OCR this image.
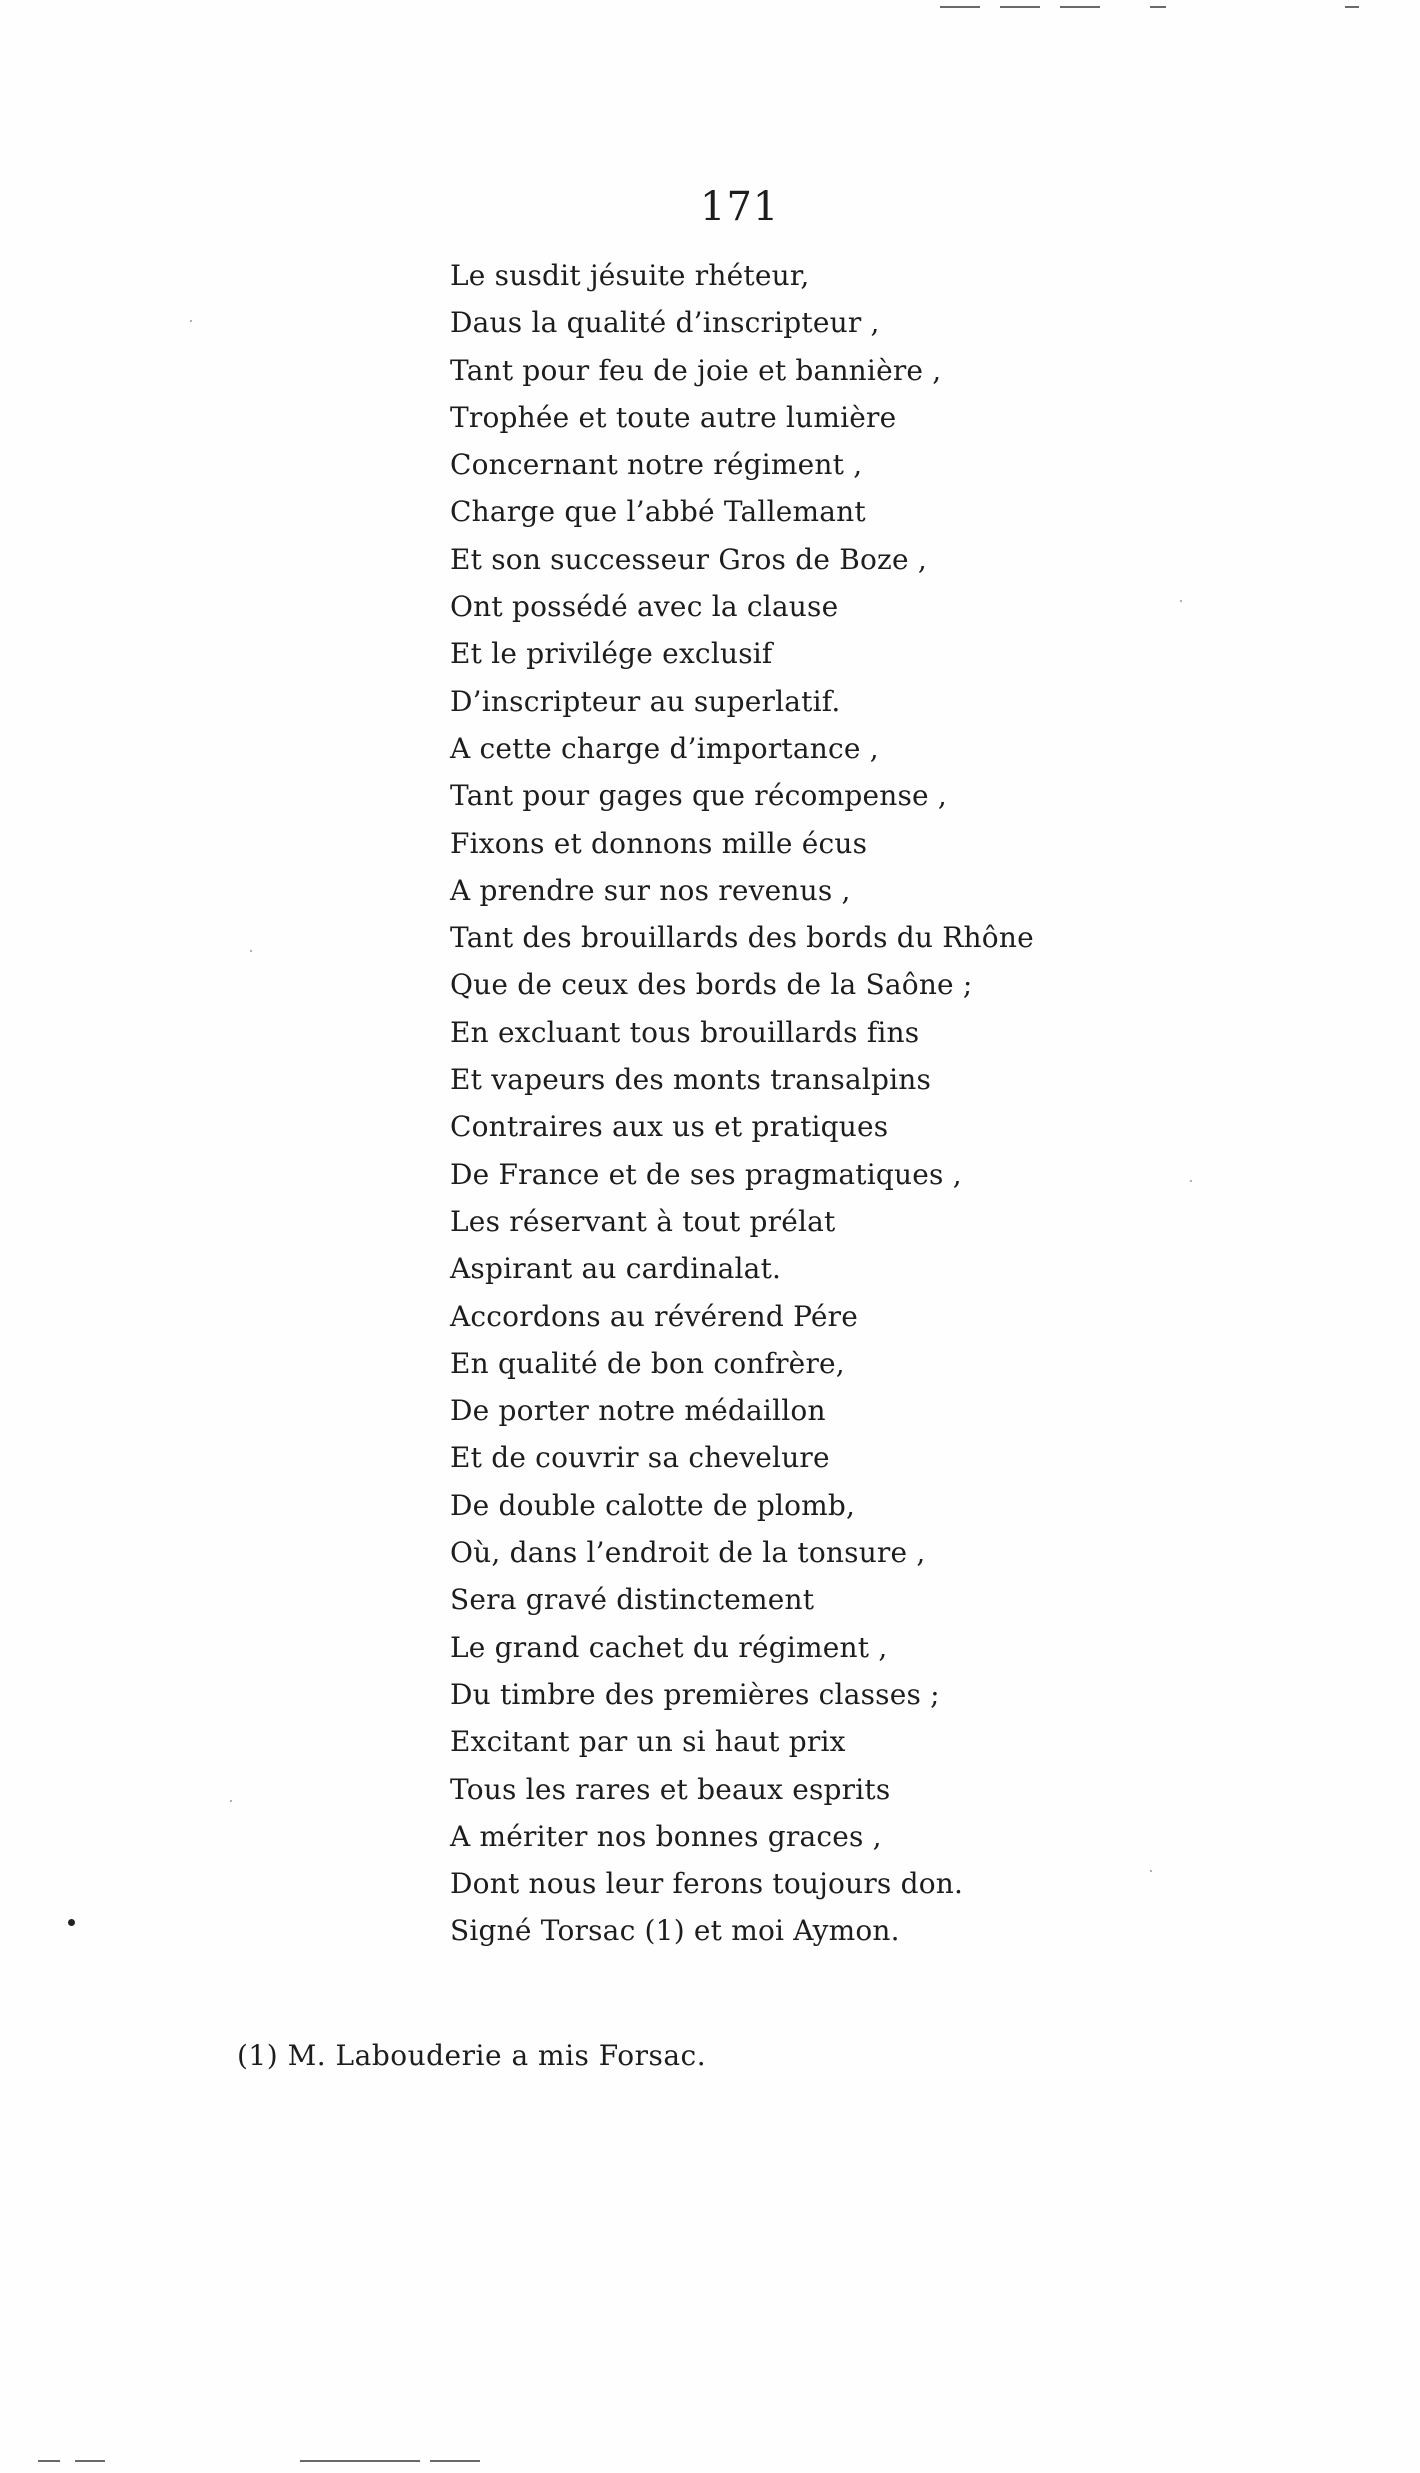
171
Le susdit jésuite rhéteur,
Daus la qualité d’inscripteur ,
Tant pour feu de joie et bannière ,
Trophée et toute autre lumière
Concernant notre régiment ,
Charge que l’abbé Tallemant
Et son successeur Gros de Boze ,
Ont possédé avec la clause
Et le privilége exclusif
D’inscripteur au superlatif.
A cette charge d’importance ,
Tant pour gages que récompense ,
Fixons et donnons mille écus
A prendre sur nos revenus ,
Tant des brouillards des bords du Rhône
Que de ceux des bords de la Saône ;
En excluant tous brouillards fins
Et vapeurs des monts transalpins
Contraires aux us et pratiques
De France et de ses pragmatiques ,
Les réservant à tout prélat
Aspirant au cardinalat.
Accordons au révérend Pére
En qualité de bon confrère,
De porter notre médaillon
Et de couvrir sa chevelure
De double calotte de plomb,
Où, dans l’endroit de la tonsure ,
Sera gravé distinctement
Le grand cachet du régiment ,
Du timbre des premières classes ;
Excitant par un si haut prix
Tous les rares et beaux esprits
A mériter nos bonnes graces ,
Dont nous leur ferons toujours don.
Signé Torsac (1) et moi Aymon.
(1) M. Labouderie a mis Forsac.
